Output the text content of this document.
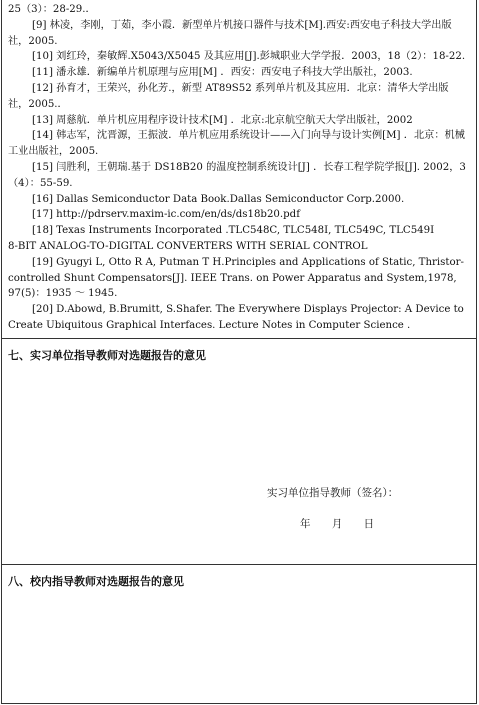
25（3）：28-29.．

[9] 林凌，李刚，丁茹，李小霞．新型单片机接口器件与技术[M].西安:西安电子科技大学出版社，2005.

[10] 刘红玲，秦敏辉.X5043/X5045 及其应用[J].彭城职业大学学报．2003，18（2）：18-22.

[11] 潘永雄．新编单片机原理与应用[M] ．西安：西安电子科技大学出版社，2003.

[12] 孙育才，王荣兴，孙化芳.，新型 AT89S52 系列单片机及其应用．北京：清华大学出版社，2005.．

[13] 周慈航．单片机应用程序设计技术[M] ．北京:北京航空航天大学出版社，2002

[14] 韩志军，沈晋源，王振波．单片机应用系统设计——入门向导与设计实例[M] ．北京：机械工业出版社，2005.

[15] 闫胜利，王朝瑞.基于 DS18B20 的温度控制系统设计[J] ．长春工程学院学报[J]. 2002，3（4）：55-59.

[16] Dallas Semiconductor Data Book.Dallas Semiconductor Corp.2000.

[17] http://pdrserv.maxim-ic.com/en/ds/ds18b20.pdf

[18] Texas Instruments Incorporated .TLC548C, TLC548I, TLC549C, TLC549I

8-BIT ANALOG-TO-DIGITAL CONVERTERS WITH SERIAL CONTROL

[19] Gyugyi L, Otto R A, Putman T H.Principles and Applications of Static, Thristor-controlled Shunt Compensators[J]. IEEE Trans. on Power Apparatus and System,1978, 97(5)：1935 ～ 1945.

[20] D.Abowd, B.Brumitt, S.Shafer. The Everywhere Displays Projector: A Device to Create Ubiquitous Graphical Interfaces. Lecture Notes in Computer Science .

七、实习单位指导教师对选题报告的意见

实习单位指导教师（签名）：
年 月 日

八、校内指导教师对选题报告的意见
